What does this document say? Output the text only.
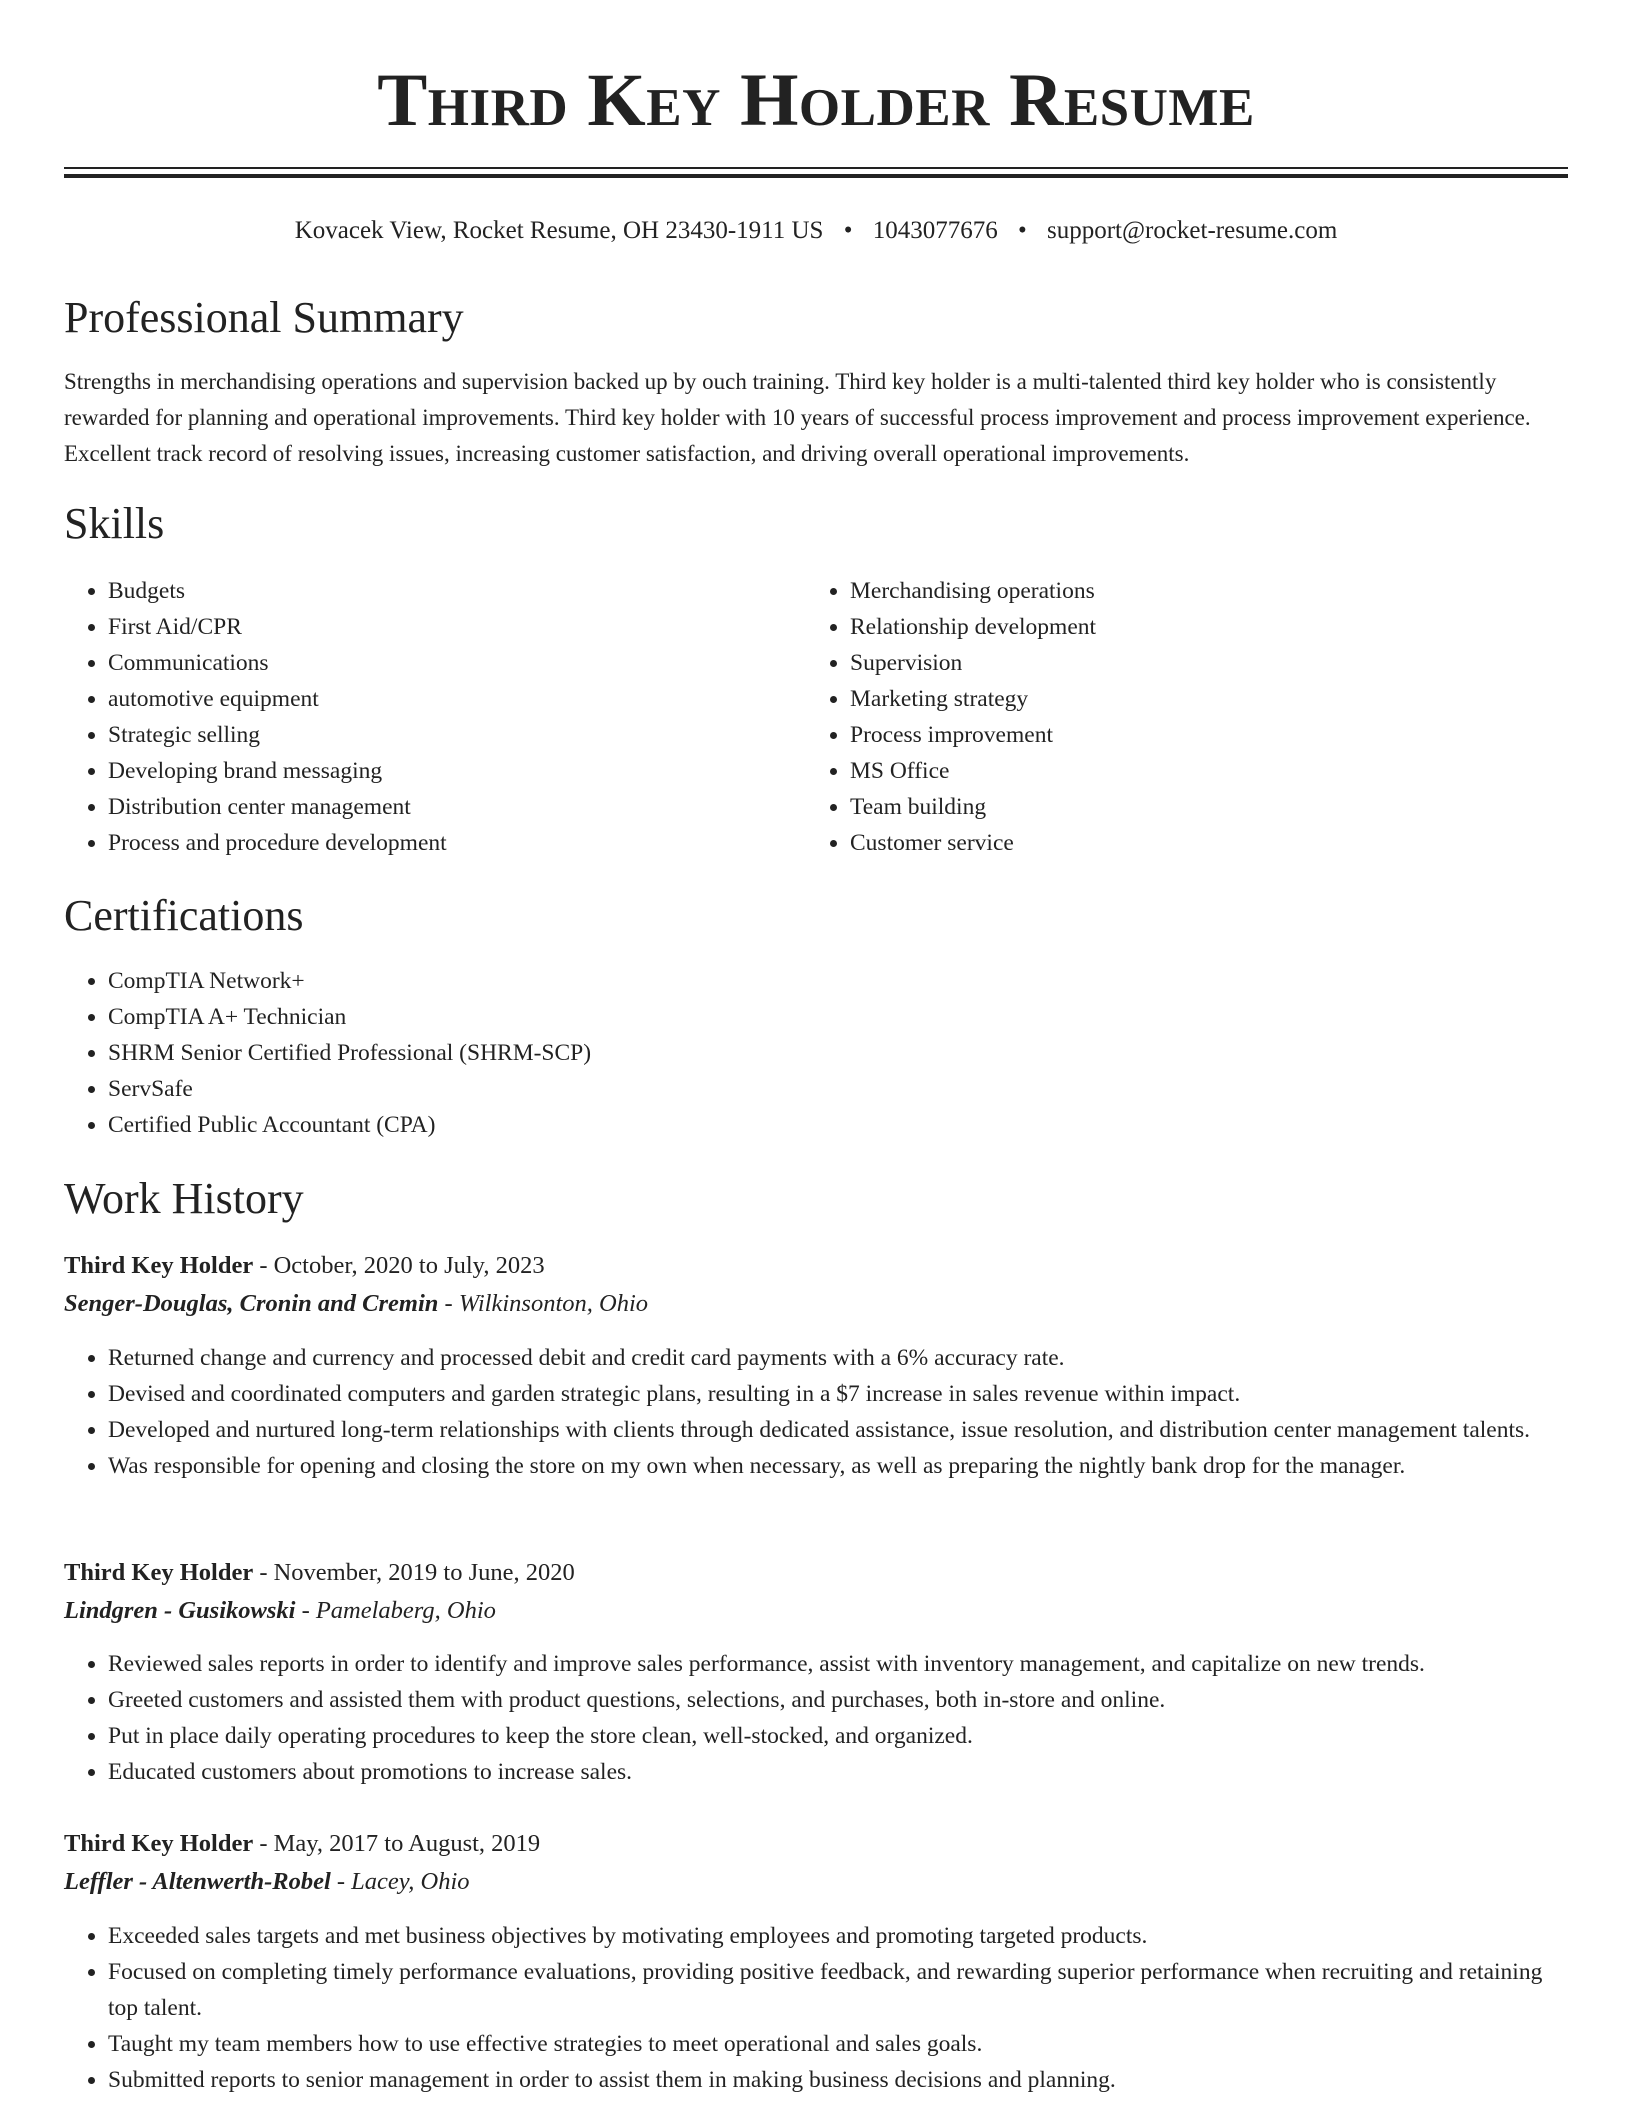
Third Key Holder Resume
Kovacek View, Rocket Resume, OH 23430-1911 US • 1043077676 • support@rocket-resume.com
Professional Summary

Strengths in merchandising operations and supervision backed up by ouch training. Third key holder is a multi-talented third key holder who is consistently rewarded for planning and operational improvements. Third key holder with 10 years of successful process improvement and process improvement experience. Excellent track record of resolving issues, increasing customer satisfaction, and driving overall operational improvements.

Skills
• Budgets
• First Aid/CPR
• Communications
• automotive equipment
• Strategic selling
• Developing brand messaging
• Distribution center management
• Process and procedure development
• Merchandising operations
• Relationship development
• Supervision
• Marketing strategy
• Process improvement
• MS Office
• Team building
• Customer service
Certifications
• CompTIA Network+
• CompTIA A+ Technician
• SHRM Senior Certified Professional (SHRM-SCP)
• ServSafe
• Certified Public Accountant (CPA)
Work History
Third Key Holder - October, 2020 to July, 2023
Senger-Douglas, Cronin and Cremin - Wilkinsonton, Ohio
• Returned change and currency and processed debit and credit card payments with a 6% accuracy rate.
• Devised and coordinated computers and garden strategic plans, resulting in a $7 increase in sales revenue within impact.
• Developed and nurtured long-term relationships with clients through dedicated assistance, issue resolution, and distribution center management talents.
• Was responsible for opening and closing the store on my own when necessary, as well as preparing the nightly bank drop for the manager.
Third Key Holder - November, 2019 to June, 2020
Lindgren - Gusikowski - Pamelaberg, Ohio
• Reviewed sales reports in order to identify and improve sales performance, assist with inventory management, and capitalize on new trends.
• Greeted customers and assisted them with product questions, selections, and purchases, both in-store and online.
• Put in place daily operating procedures to keep the store clean, well-stocked, and organized.
• Educated customers about promotions to increase sales.
Third Key Holder - May, 2017 to August, 2019
Leffler - Altenwerth-Robel - Lacey, Ohio
• Exceeded sales targets and met business objectives by motivating employees and promoting targeted products.
• Focused on completing timely performance evaluations, providing positive feedback, and rewarding superior performance when recruiting and retaining top talent.
• Taught my team members how to use effective strategies to meet operational and sales goals.
• Submitted reports to senior management in order to assist them in making business decisions and planning.
